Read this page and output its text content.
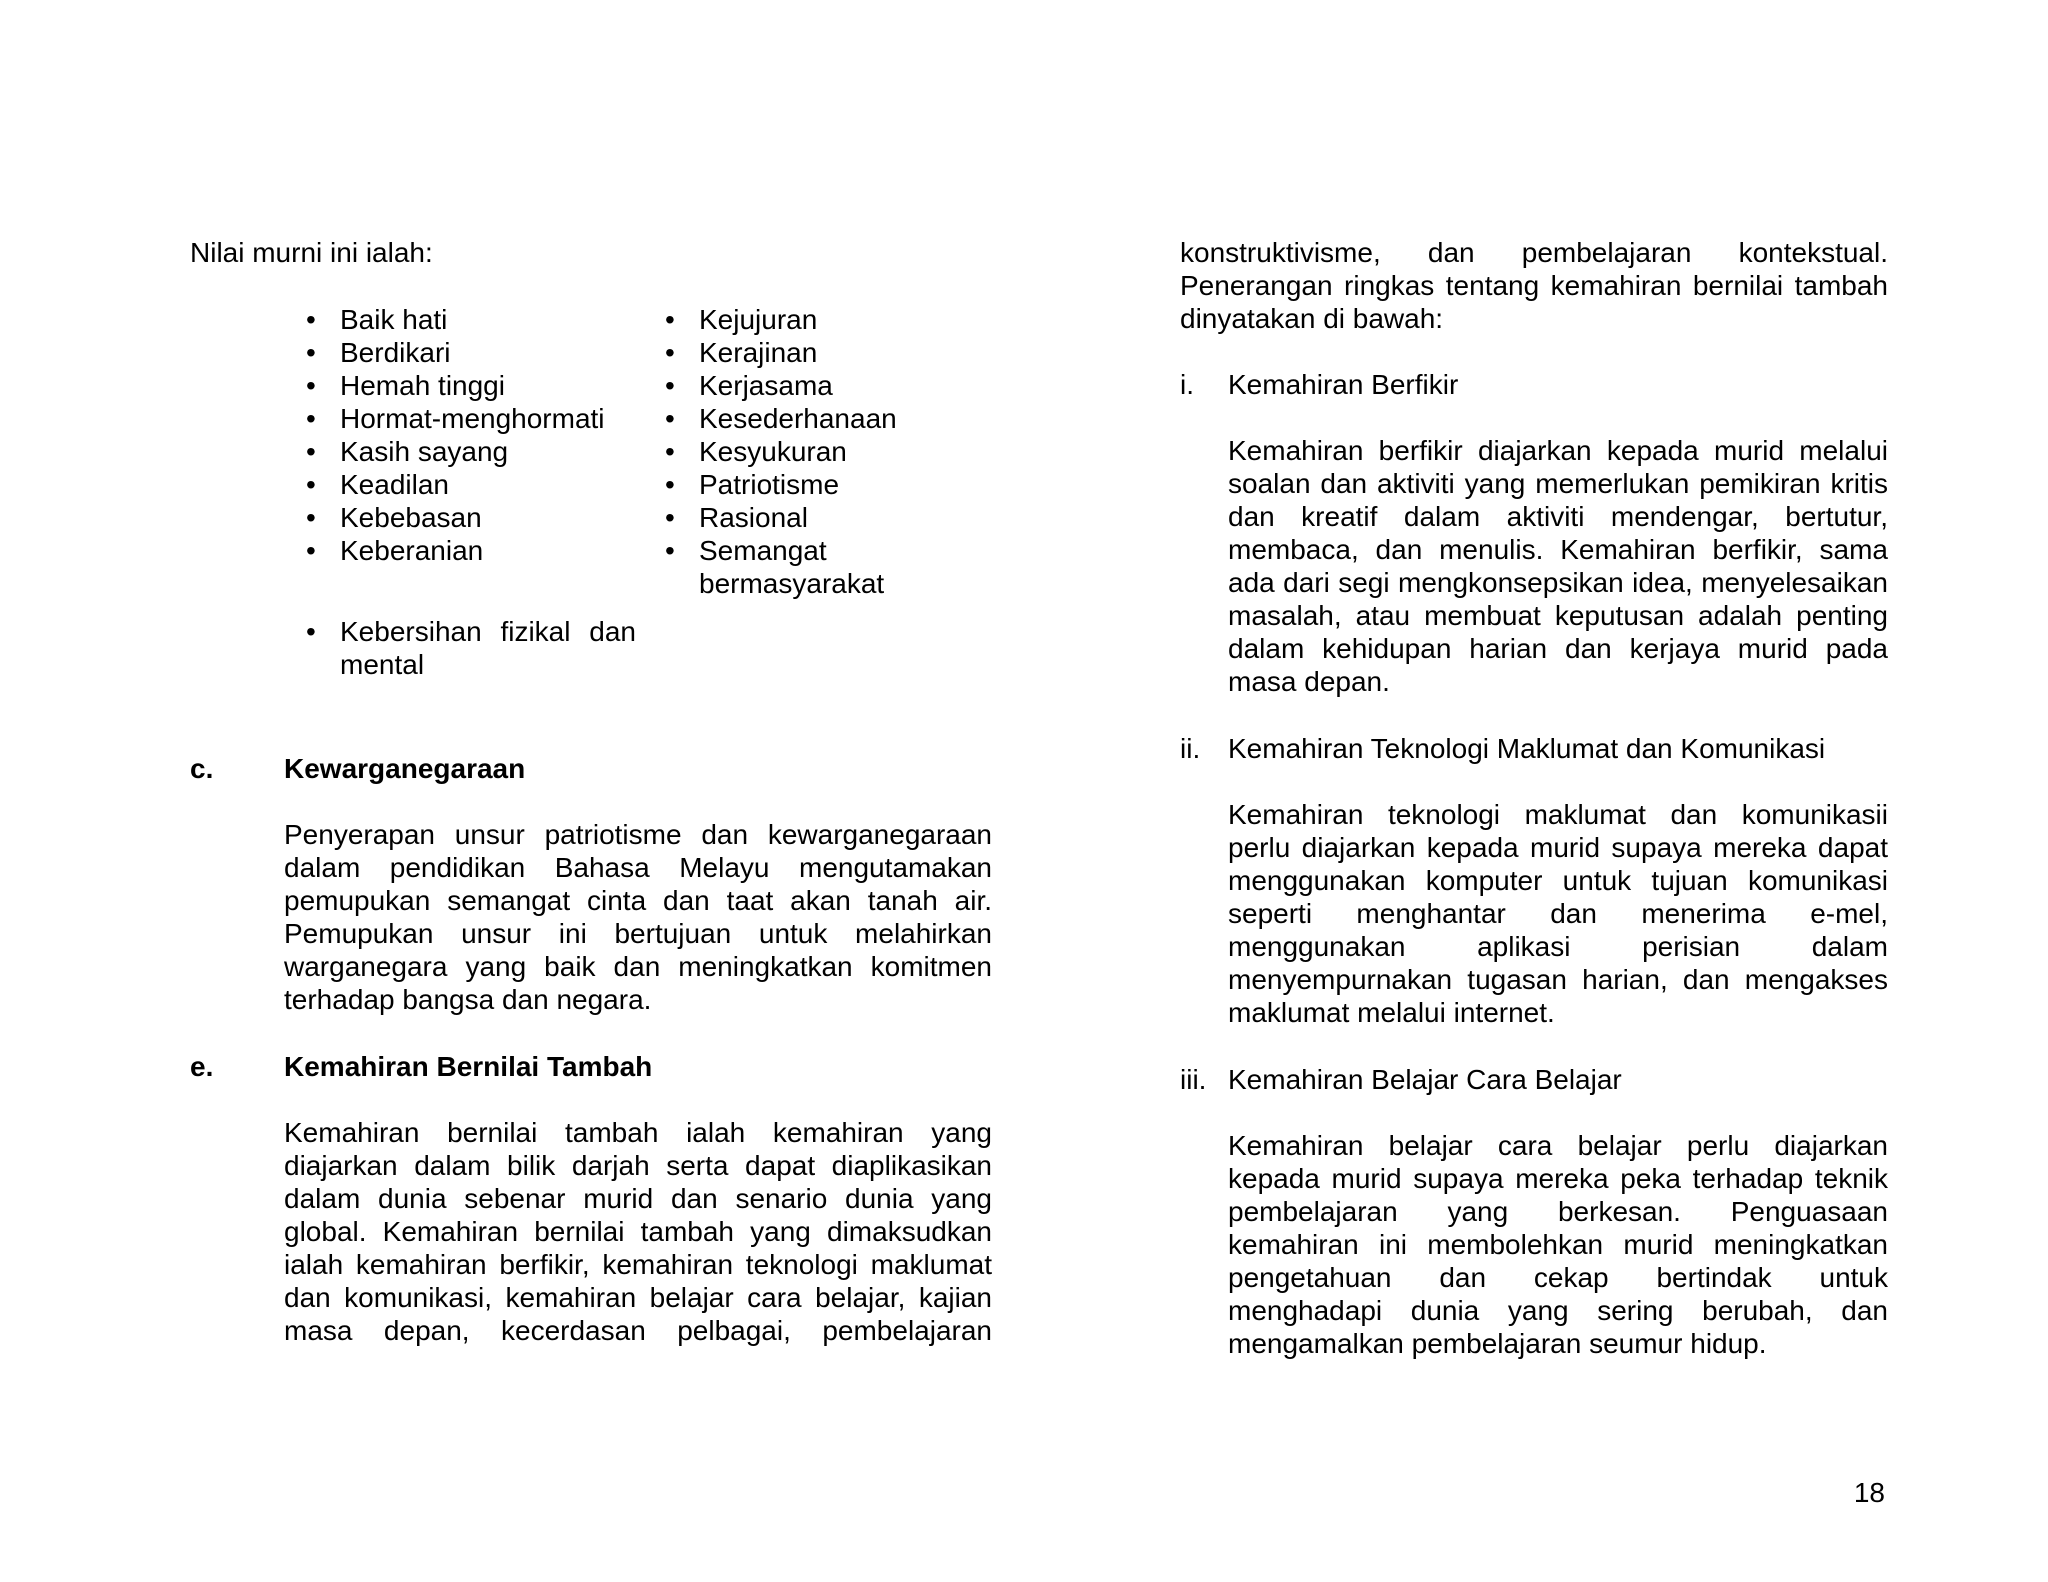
Nilai murni ini ialah:

• Baik hati
• Berdikari
• Hemah tinggi
• Hormat-menghormati
• Kasih sayang
• Keadilan
• Kebebasan
• Keberanian
• Kejujuran
• Kerajinan
• Kerjasama
• Kesederhanaan
• Kesyukuran
• Patriotisme
• Rasional
• Semangat bermasyarakat
• Kebersihan fizikal dan mental
c.	Kewarganegaraan

Penyerapan unsur patriotisme dan kewarganegaraan dalam pendidikan Bahasa Melayu mengutamakan pemupukan semangat cinta dan taat akan tanah air. Pemupukan unsur ini bertujuan untuk melahirkan warganegara yang baik dan meningkatkan komitmen terhadap bangsa dan negara.

e.	Kemahiran Bernilai Tambah

Kemahiran bernilai tambah ialah kemahiran yang diajarkan dalam bilik darjah serta dapat diaplikasikan dalam dunia sebenar murid dan senario dunia yang global. Kemahiran bernilai tambah yang dimaksudkan ialah kemahiran berfikir, kemahiran teknologi maklumat dan komunikasi, kemahiran belajar cara belajar, kajian masa depan, kecerdasan pelbagai, pembelajaran

konstruktivisme, dan pembelajaran kontekstual. Penerangan ringkas tentang kemahiran bernilai tambah dinyatakan di bawah:

i. Kemahiran Berfikir

Kemahiran berfikir diajarkan kepada murid melalui soalan dan aktiviti yang memerlukan pemikiran kritis dan kreatif dalam aktiviti mendengar, bertutur, membaca, dan menulis. Kemahiran berfikir, sama ada dari segi mengkonsepsikan idea, menyelesaikan masalah, atau membuat keputusan adalah penting dalam kehidupan harian dan kerjaya murid pada masa depan.

ii. Kemahiran Teknologi Maklumat dan Komunikasi

Kemahiran teknologi maklumat dan komunikasii perlu diajarkan kepada murid supaya mereka dapat menggunakan komputer untuk tujuan komunikasi seperti menghantar dan menerima e-mel, menggunakan aplikasi perisian dalam menyempurnakan tugasan harian, dan mengakses maklumat melalui internet.

iii. Kemahiran Belajar Cara Belajar

Kemahiran belajar cara belajar perlu diajarkan kepada murid supaya mereka peka terhadap teknik pembelajaran yang berkesan. Penguasaan kemahiran ini membolehkan murid meningkatkan pengetahuan dan cekap bertindak untuk menghadapi dunia yang sering berubah, dan mengamalkan pembelajaran seumur hidup.

18
